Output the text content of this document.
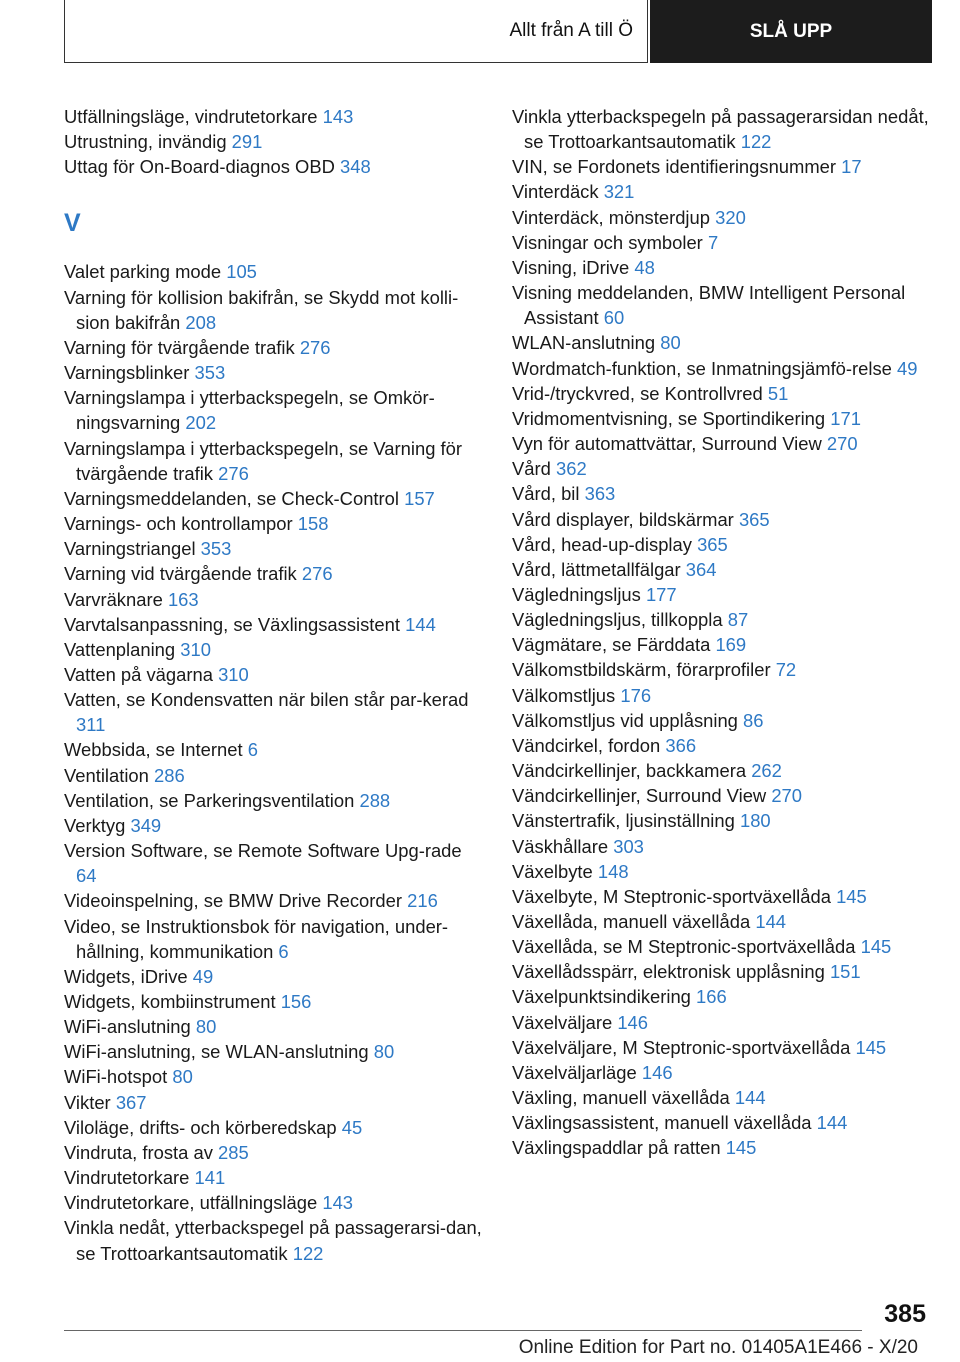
Allt från A till Ö	SLÅ UPP
Utfällningsläge, vindrutetorkare 143
Utrustning, invändig 291
Uttag för On-Board-diagnos OBD 348
V
Valet parking mode 105
Varning för kollision bakifrån, se Skydd mot kolli-sion bakifrån 208
Varning för tvärgående trafik 276
Varningsblinker 353
Varningslampa i ytterbackspegeln, se Omkör-ningsvarning 202
Varningslampa i ytterbackspegeln, se Varning för tvärgående trafik 276
Varningsmeddelanden, se Check-Control 157
Varnings- och kontrollampor 158
Varningstriangel 353
Varning vid tvärgående trafik 276
Varvräknare 163
Varvtalsanpassning, se Växlingsassistent 144
Vattenplaning 310
Vatten på vägarna 310
Vatten, se Kondensvatten när bilen står par-kerad 311
Webbsida, se Internet 6
Ventilation 286
Ventilation, se Parkeringsventilation 288
Verktyg 349
Version Software, se Remote Software Upg-rade 64
Videoinspelning, se BMW Drive Recorder 216
Video, se Instruktionsbok för navigation, under-hållning, kommunikation 6
Widgets, iDrive 49
Widgets, kombiinstrument 156
WiFi-anslutning 80
WiFi-anslutning, se WLAN-anslutning 80
WiFi-hotspot 80
Vikter 367
Viloläge, drifts- och körberedskap 45
Vindruta, frosta av 285
Vindrutetorkare 141
Vindrutetorkare, utfällningsläge 143
Vinkla nedåt, ytterbackspegel på passagerarsi-dan, se Trottoarkantsautomatik 122
Vinkla ytterbackspegeln på passagerarsidan nedåt, se Trottoarkantsautomatik 122
VIN, se Fordonets identifieringsnummer 17
Vinterdäck 321
Vinterdäck, mönsterdjup 320
Visningar och symboler 7
Visning, iDrive 48
Visning meddelanden, BMW Intelligent Personal Assistant 60
WLAN-anslutning 80
Wordmatch-funktion, se Inmatningsjämfö-relse 49
Vrid-/tryckvred, se Kontrollvred 51
Vridmomentvisning, se Sportindikering 171
Vyn för automattvättar, Surround View 270
Vård 362
Vård, bil 363
Vård displayer, bildskärmar 365
Vård, head-up-display 365
Vård, lättmetallfälgar 364
Vägledningsljus 177
Vägledningsljus, tillkoppla 87
Vägmätare, se Färddata 169
Välkomstbildskärm, förarprofiler 72
Välkomstljus 176
Välkomstljus vid upplåsning 86
Vändcirkel, fordon 366
Vändcirkellinjer, backkamera 262
Vändcirkellinjer, Surround View 270
Vänstertrafik, ljusinställning 180
Väskhållare 303
Växelbyte 148
Växelbyte, M Steptronic-sportväxellåda 145
Växellåda, manuell växellåda 144
Växellåda, se M Steptronic-sportväxellåda 145
Växellådsspärr, elektronisk upplåsning 151
Växelpunktsindikering 166
Växelväljare 146
Växelväljare, M Steptronic-sportväxellåda 145
Växelväljarläge 146
Växling, manuell växellåda 144
Växlingsassistent, manuell växellåda 144
Växlingspaddlar på ratten 145
385
Online Edition for Part no. 01405A1E466 - X/20
